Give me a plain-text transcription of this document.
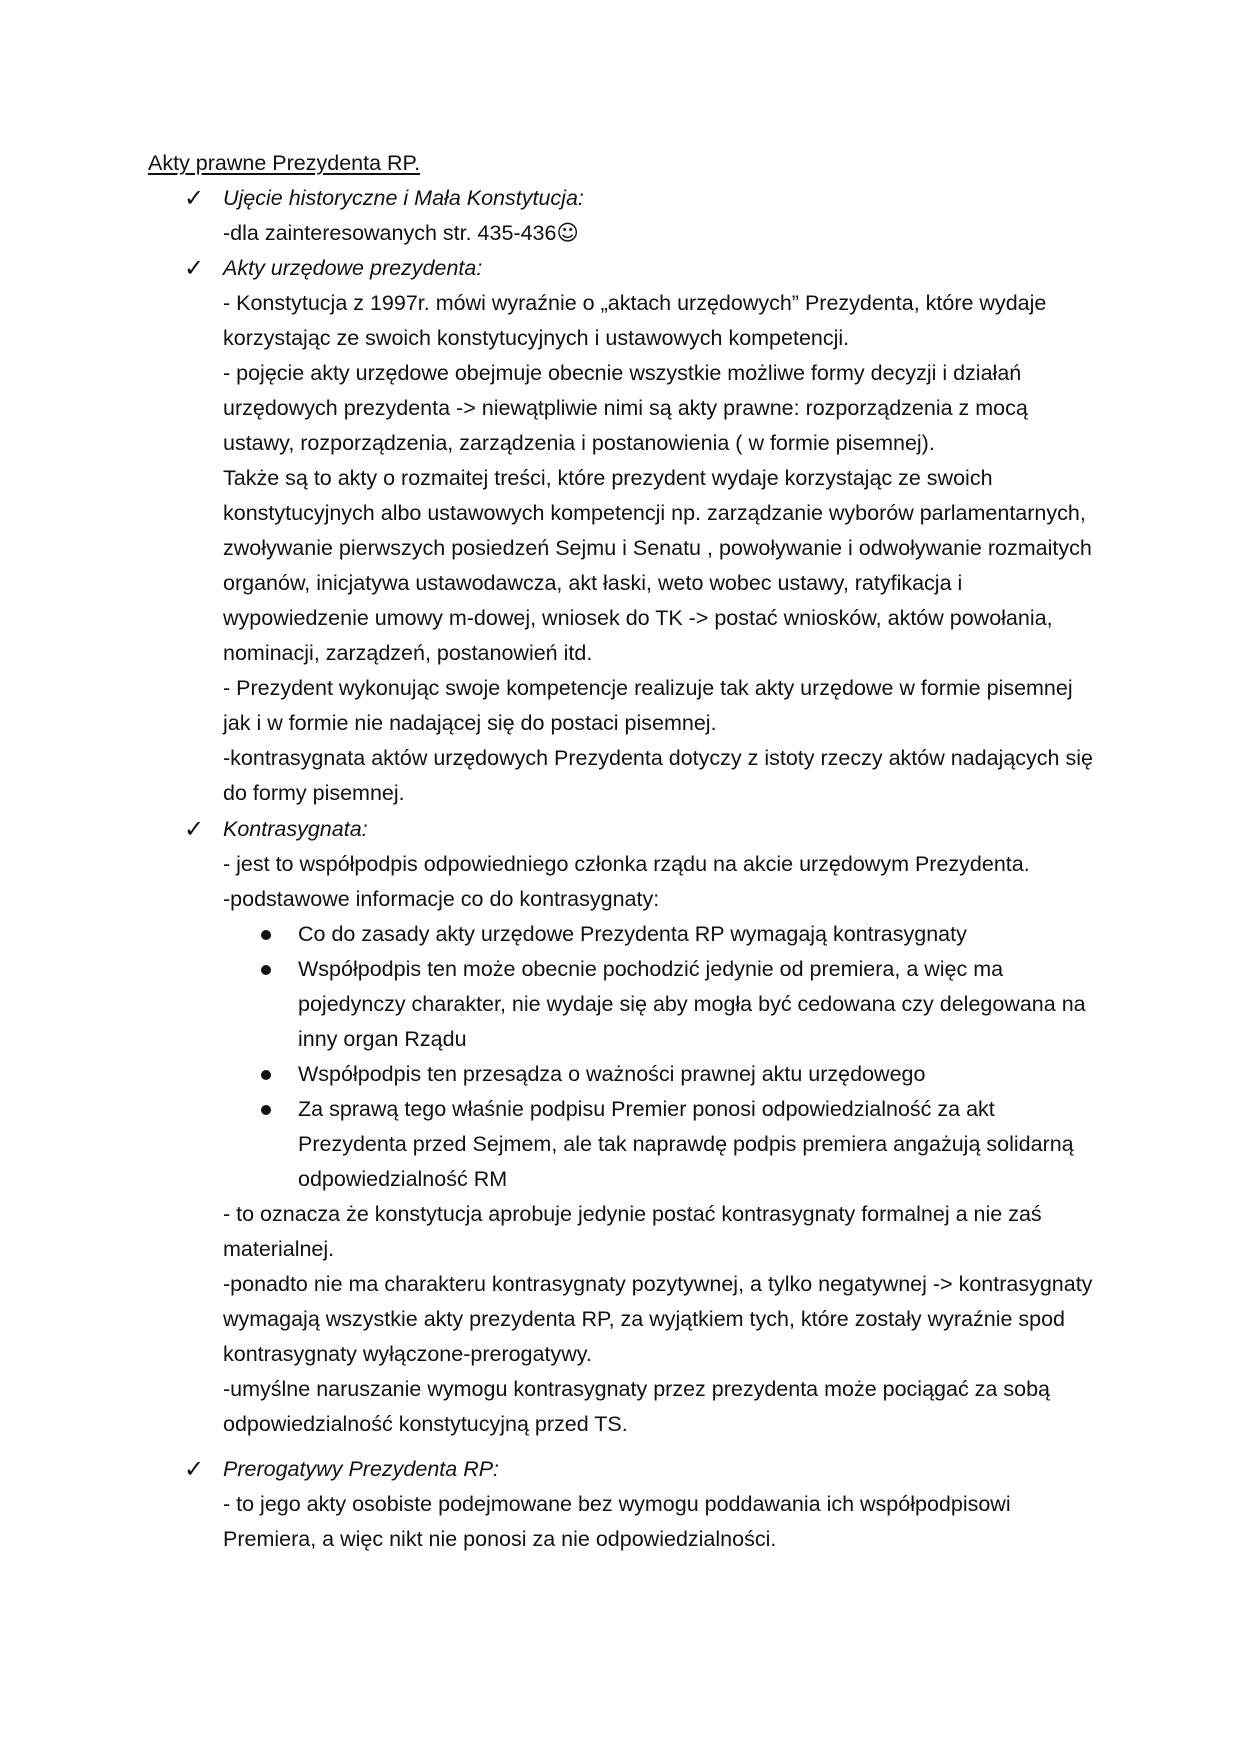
Akty prawne Prezydenta RP.
✓ Ujęcie historyczne i Mała Konstytucja:

-dla zainteresowanych str. 435-436☺

✓ Akty urzędowe prezydenta:

- Konstytucja z 1997r. mówi wyraźnie o „aktach urzędowych” Prezydenta, które wydaje korzystając ze swoich konstytucyjnych i ustawowych kompetencji.

- pojęcie akty urzędowe obejmuje obecnie wszystkie możliwe formy decyzji i działań urzędowych prezydenta -> niewątpliwie nimi są akty prawne: rozporządzenia z mocą ustawy, rozporządzenia, zarządzenia i postanowienia ( w formie pisemnej).

Także są to akty o rozmaitej treści, które prezydent wydaje korzystając ze swoich konstytucyjnych albo ustawowych kompetencji np. zarządzanie wyborów parlamentarnych, zwoływanie pierwszych posiedzeń Sejmu i Senatu , powoływanie i odwoływanie rozmaitych organów, inicjatywa ustawodawcza, akt łaski, weto wobec ustawy, ratyfikacja i wypowiedzenie umowy m-dowej, wniosek do TK -> postać wniosków, aktów powołania, nominacji, zarządzeń, postanowień itd.

- Prezydent wykonując swoje kompetencje realizuje tak akty urzędowe w formie pisemnej jak i w formie nie nadającej się do postaci pisemnej.

-kontrasygnata aktów urzędowych Prezydenta dotyczy z istoty rzeczy aktów nadających się do formy pisemnej.

✓ Kontrasygnata:

- jest to współpodpis odpowiedniego członka rządu na akcie urzędowym Prezydenta.

-podstawowe informacje co do kontrasygnaty:

Co do zasady akty urzędowe Prezydenta RP wymagają kontrasygnaty
Współpodpis ten może obecnie pochodzić jedynie od premiera, a więc ma pojedynczy charakter, nie wydaje się aby mogła być cedowana czy delegowana na inny organ Rządu
Współpodpis ten przesądza o ważności prawnej aktu urzędowego
Za sprawą tego właśnie podpisu Premier ponosi odpowiedzialność za akt Prezydenta przed Sejmem, ale tak naprawdę podpis premiera angażują solidarną odpowiedzialność RM

- to oznacza że konstytucja aprobuje jedynie postać kontrasygnaty formalnej a nie zaś materialnej.

-ponadto nie ma charakteru kontrasygnaty pozytywnej, a tylko negatywnej -> kontrasygnaty wymagają wszystkie akty prezydenta RP, za wyjątkiem tych, które zostały wyraźnie spod kontrasygnaty wyłączone-prerogatywy.

-umyślne naruszanie wymogu kontrasygnaty przez prezydenta może pociągać za sobą odpowiedzialność konstytucyjną przed TS.

✓ Prerogatywy Prezydenta RP:

- to jego akty osobiste podejmowane bez wymogu poddawania ich współpodpisowi Premiera, a więc nikt nie ponosi za nie odpowiedzialności.
